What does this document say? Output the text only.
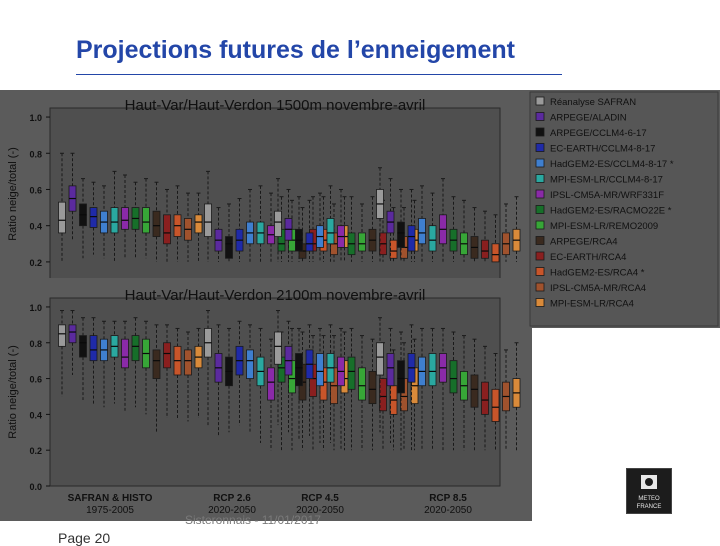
Projections futures de l’enneigement
Haut-Var/Haut-Verdon 1500m novembre-avril
Ratio neige/total (-)
1.0
0.8
0.6
0.4
0.2
Haut-Var/Haut-Verdon 2100m novembre-avril
Ratio neige/total (-)
1.0
0.8
0.6
0.4
0.2
0.0
SAFRAN & HISTO
1975-2005
RCP 2.6
2020-2050
RCP 4.5
2020-2050
RCP 8.5
2020-2050
Réanalyse SAFRAN
ARPEGE/ALADIN
ARPEGE/CCLM4-6-17
EC-EARTH/CCLM4-8-17
HadGEM2-ES/CCLM4-8-17 *
MPI-ESM-LR/CCLM4-8-17
IPSL-CM5A-MR/WRF331F
HadGEM2-ES/RACMO22E *
MPI-ESM-LR/REMO2009
ARPEGE/RCA4
EC-EARTH/RCA4
HadGEM2-ES/RCA4 *
IPSL-CM5A-MR/RCA4
MPI-ESM-LR/RCA4
Sisteronnais - 11/01/2017
Page 20
METEO
FRANCE
